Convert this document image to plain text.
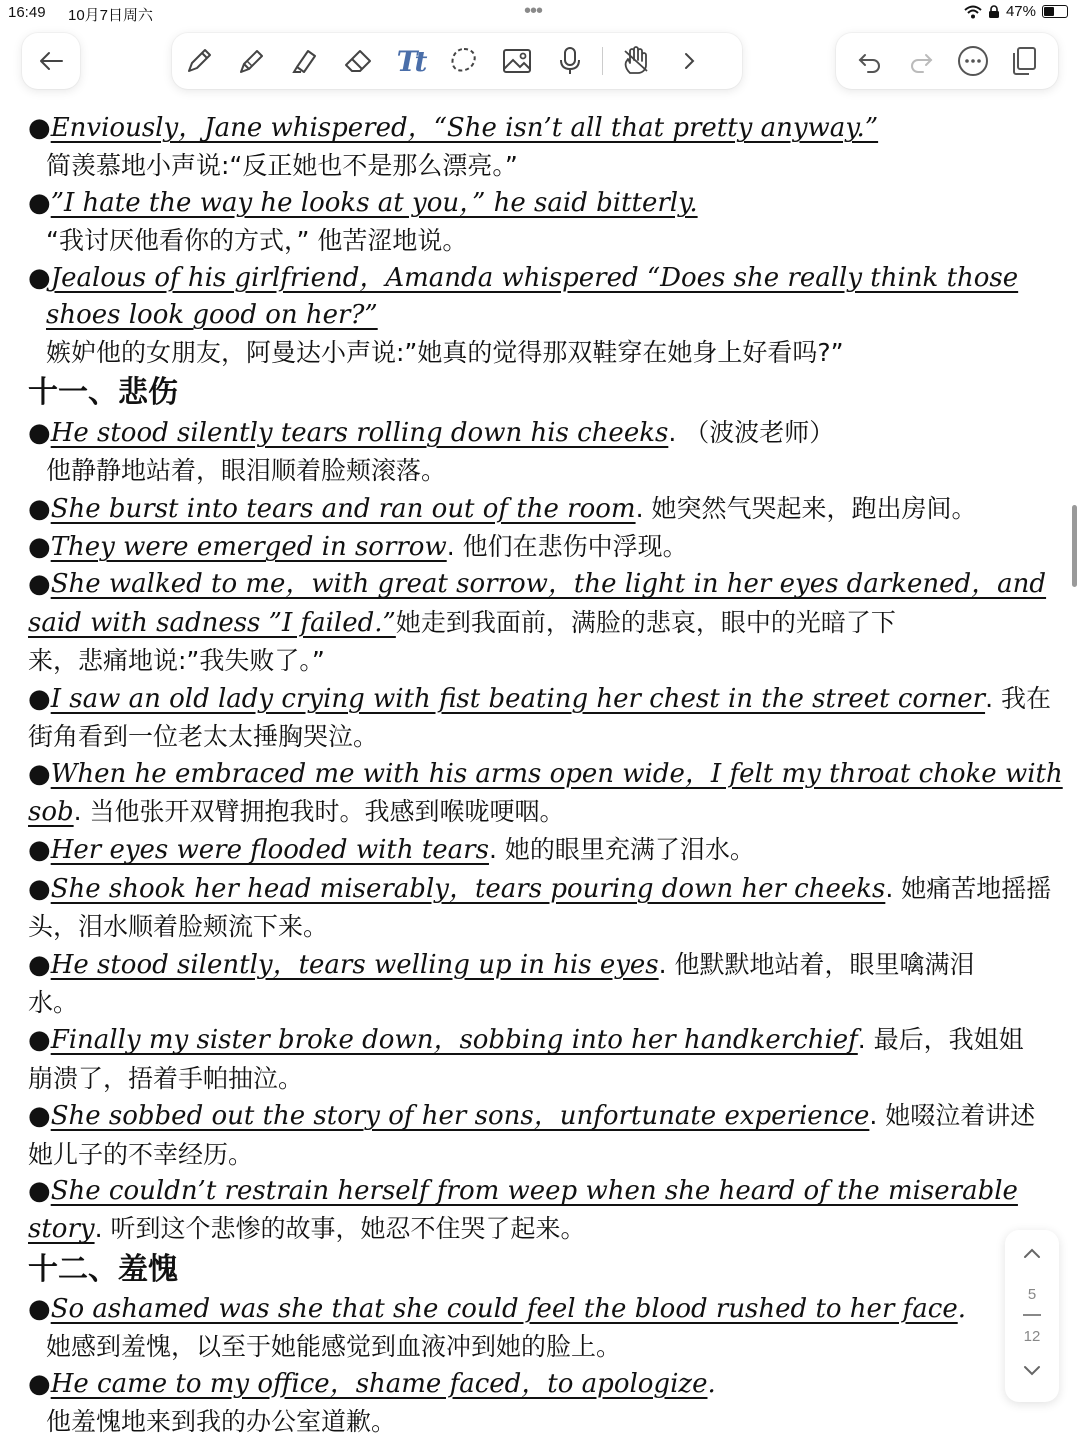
16:49 10月7日周六	•••	47%
Tt
●Enviously，Jane whispered，“She isn’t all that pretty anyway.”
简羡慕地小声说:“反正她也不是那么漂亮。”
●”I hate the way he looks at you，” he said bitterly.
“我讨厌他看你的方式，” 他苦涩地说。
●Jealous of his girlfriend，Amanda whispered “Does she really think those
shoes look good on her?”
嫉妒他的女朋友，阿曼达小声说:”她真的觉得那双鞋穿在她身上好看吗?”
十一、悲伤
●He stood silently tears rolling down his cheeks. （波波老师）
他静静地站着，眼泪顺着脸颊滚落。
●She burst into tears and ran out of the room. 她突然气哭起来，跑出房间。
●They were emerged in sorrow. 他们在悲伤中浮现。
●She walked to me，with great sorrow，the light in her eyes darkened，and
said with sadness ”I failed.”她走到我面前，满脸的悲哀，眼中的光暗了下
来，悲痛地说:”我失败了。”
●I saw an old lady crying with fist beating her chest in the street corner. 我在
街角看到一位老太太捶胸哭泣。
●When he embraced me with his arms open wide，I felt my throat choke with
sob. 当他张开双臂拥抱我时。我感到喉咙哽咽。
●Her eyes were flooded with tears. 她的眼里充满了泪水。
●She shook her head miserably，tears pouring down her cheeks. 她痛苦地摇摇
头，泪水顺着脸颊流下来。
●He stood silently，tears welling up in his eyes. 他默默地站着，眼里噙满泪
水。
●Finally my sister broke down，sobbing into her handkerchief. 最后，我姐姐
崩溃了，捂着手帕抽泣。
●She sobbed out the story of her sons，unfortunate experience. 她啜泣着讲述
她儿子的不幸经历。
●She couldn’t restrain herself from weep when she heard of the miserable
story. 听到这个悲惨的故事，她忍不住哭了起来。
十二、羞愧
●So ashamed was she that she could feel the blood rushed to her face.
她感到羞愧，以至于她能感觉到血液冲到她的脸上。
●He came to my office，shame faced，to apologize.
他羞愧地来到我的办公室道歉。
5
12
